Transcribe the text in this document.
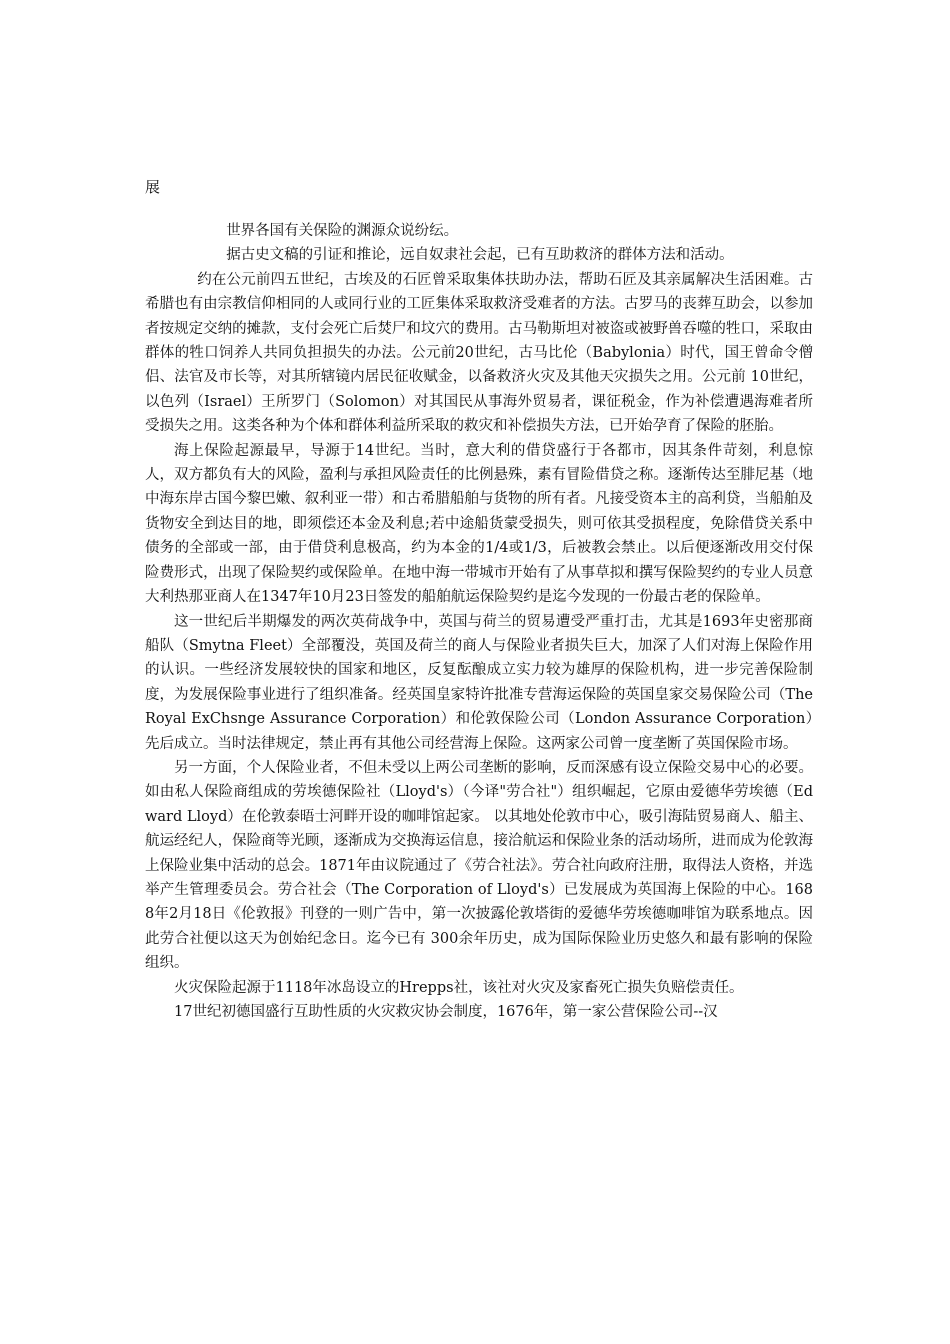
展

世界各国有关保险的渊源众说纷纭。

据古史文稿的引证和推论，远自奴隶社会起，已有互助救济的群体方法和活动。

约在公元前四五世纪，古埃及的石匠曾采取集体扶助办法，帮助石匠及其亲属解决生活困难。古希腊也有由宗教信仰相同的人或同行业的工匠集体采取救济受难者的方法。古罗马的丧葬互助会，以参加者按规定交纳的摊款，支付会死亡后焚尸和坟穴的费用。古马勒斯坦对被盗或被野兽吞噬的牲口，采取由群体的牲口饲养人共同负担损失的办法。公元前20世纪，古马比伦（Babylonia）时代，国王曾命令僧侣、法官及市长等，对其所辖镜内居民征收赋金，以备救济火灾及其他天灾损失之用。公元前 10世纪，以色列（Israel）王所罗门（Solomon）对其国民从事海外贸易者，课征税金，作为补偿遭遇海难者所受损失之用。这类各种为个体和群体利益所采取的救灾和补偿损失方法，已开始孕育了保险的胚胎。

海上保险起源最早，导源于14世纪。当时，意大利的借贷盛行于各都市，因其条件苛刻，利息惊人，双方都负有大的风险，盈利与承担风险责任的比例悬殊，素有冒险借贷之称。逐渐传达至腓尼基（地中海东岸古国今黎巴嫩、叙利亚一带）和古希腊船舶与货物的所有者。凡接受资本主的高利贷，当船舶及货物安全到达目的地，即须偿还本金及利息;若中途船货蒙受损失，则可依其受损程度，免除借贷关系中债务的全部或一部，由于借贷利息极高，约为本金的1/4或1/3，后被教会禁止。以后便逐渐改用交付保险费形式，出现了保险契约或保险单。在地中海一带城市开始有了从事草拟和撰写保险契约的专业人员意大利热那亚商人在1347年10月23日签发的船舶航运保险契约是迄今发现的一份最古老的保险单。

这一世纪后半期爆发的两次英荷战争中，英国与荷兰的贸易遭受严重打击，尤其是1693年史密那商船队（Smytna Fleet）全部覆没，英国及荷兰的商人与保险业者损失巨大，加深了人们对海上保险作用的认识。一些经济发展较快的国家和地区，反复酝酿成立实力较为雄厚的保险机构，进一步完善保险制度，为发展保险事业进行了组织准备。经英国皇家特许批准专营海运保险的英国皇家交易保险公司（The Royal ExChsnge Assurance Corporation）和伦敦保险公司（London Assurance Corporation）先后成立。当时法律规定，禁止再有其他公司经营海上保险。这两家公司曾一度垄断了英国保险市场。

另一方面，个人保险业者，不但未受以上两公司垄断的影响，反而深感有设立保险交易中心的必要。如由私人保险商组成的劳埃德保险社（Lloyd's）（今译"劳合社"）组织崛起，它原由爱德华劳埃德（Edward Lloyd）在伦敦泰晤士河畔开设的咖啡馆起家。 以其地处伦敦市中心，吸引海陆贸易商人、船主、航运经纪人，保险商等光顾，逐渐成为交换海运信息，接洽航运和保险业条的活动场所，进而成为伦敦海上保险业集中活动的总会。1871年由议院通过了《劳合社法》。劳合社向政府注册，取得法人资格，并选举产生管理委员会。劳合社会（The Corporation of Lloyd's）已发展成为英国海上保险的中心。1688年2月18日《伦敦报》刊登的一则广告中，第一次披露伦敦塔街的爱德华劳埃德咖啡馆为联系地点。因此劳合社便以这天为创始纪念日。迄今已有 300余年历史，成为国际保险业历史悠久和最有影响的保险组织。

火灾保险起源于1118年冰岛设立的Hrepps社，该社对火灾及家畜死亡损失负赔偿责任。

17世纪初德国盛行互助性质的火灾救灾协会制度，1676年，第一家公营保险公司--汉
